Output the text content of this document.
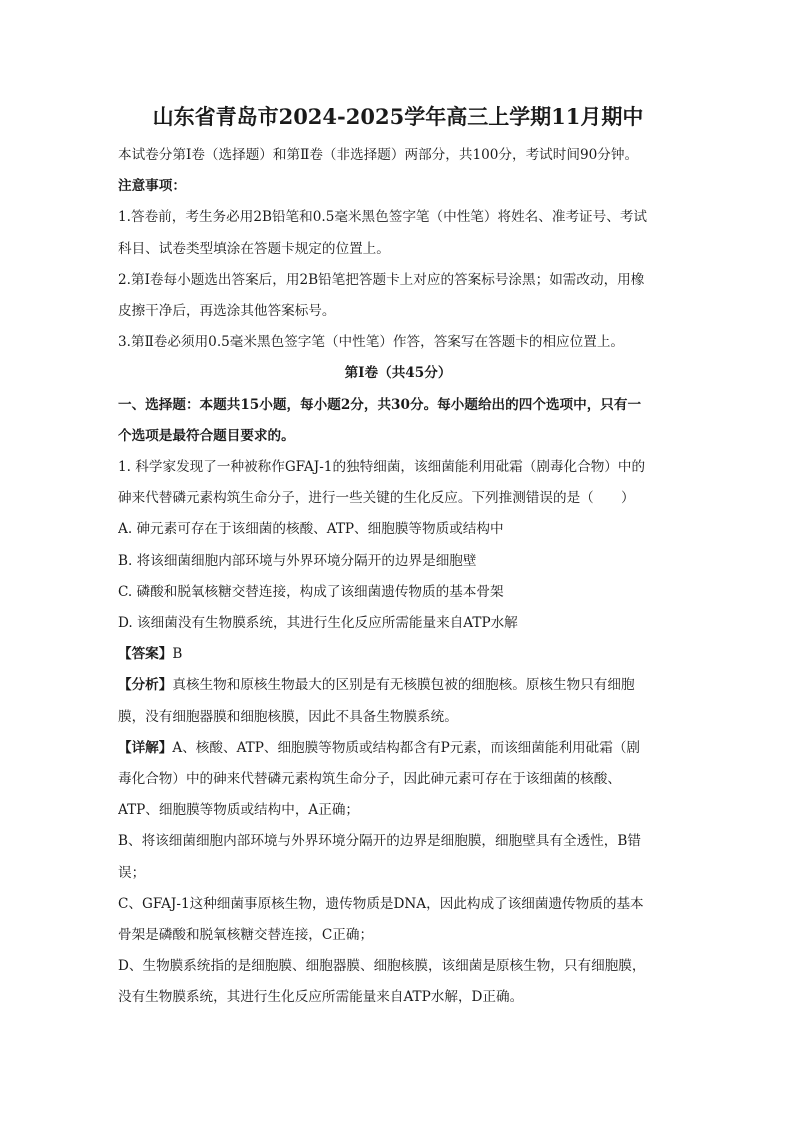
山东省青岛市2024-2025学年高三上学期11月期中

本试卷分第Ⅰ卷（选择题）和第Ⅱ卷（非选择题）两部分，共100分，考试时间90分钟。

注意事项：

1.答卷前，考生务必用2B铅笔和0.5毫米黑色签字笔（中性笔）将姓名、准考证号、考试

科目、试卷类型填涂在答题卡规定的位置上。

2.第Ⅰ卷每小题选出答案后，用2B铅笔把答题卡上对应的答案标号涂黑；如需改动，用橡

皮擦干净后，再选涂其他答案标号。

3.第Ⅱ卷必须用0.5毫米黑色签字笔（中性笔）作答，答案写在答题卡的相应位置上。

第Ⅰ卷（共45分）

一、选择题：本题共15小题，每小题2分，共30分。每小题给出的四个选项中，只有一

个选项是最符合题目要求的。

1. 科学家发现了一种被称作GFAJ-1的独特细菌，该细菌能利用砒霜（剧毒化合物）中的

砷来代替磷元素构筑生命分子，进行一些关键的生化反应。下列推测错误的是（　　）

A. 砷元素可存在于该细菌的核酸、ATP、细胞膜等物质或结构中

B. 将该细菌细胞内部环境与外界环境分隔开的边界是细胞壁

C. 磷酸和脱氧核糖交替连接，构成了该细菌遗传物质的基本骨架

D. 该细菌没有生物膜系统，其进行生化反应所需能量来自ATP水解

【答案】B

【分析】真核生物和原核生物最大的区别是有无核膜包被的细胞核。原核生物只有细胞

膜，没有细胞器膜和细胞核膜，因此不具备生物膜系统。

【详解】A、核酸、ATP、细胞膜等物质或结构都含有P元素，而该细菌能利用砒霜（剧

毒化合物）中的砷来代替磷元素构筑生命分子，因此砷元素可存在于该细菌的核酸、

ATP、细胞膜等物质或结构中，A正确；

B、将该细菌细胞内部环境与外界环境分隔开的边界是细胞膜，细胞壁具有全透性，B错

误；

C、GFAJ-1这种细菌事原核生物，遗传物质是DNA，因此构成了该细菌遗传物质的基本

骨架是磷酸和脱氧核糖交替连接，C正确；

D、生物膜系统指的是细胞膜、细胞器膜、细胞核膜，该细菌是原核生物，只有细胞膜，

没有生物膜系统，其进行生化反应所需能量来自ATP水解，D正确。
